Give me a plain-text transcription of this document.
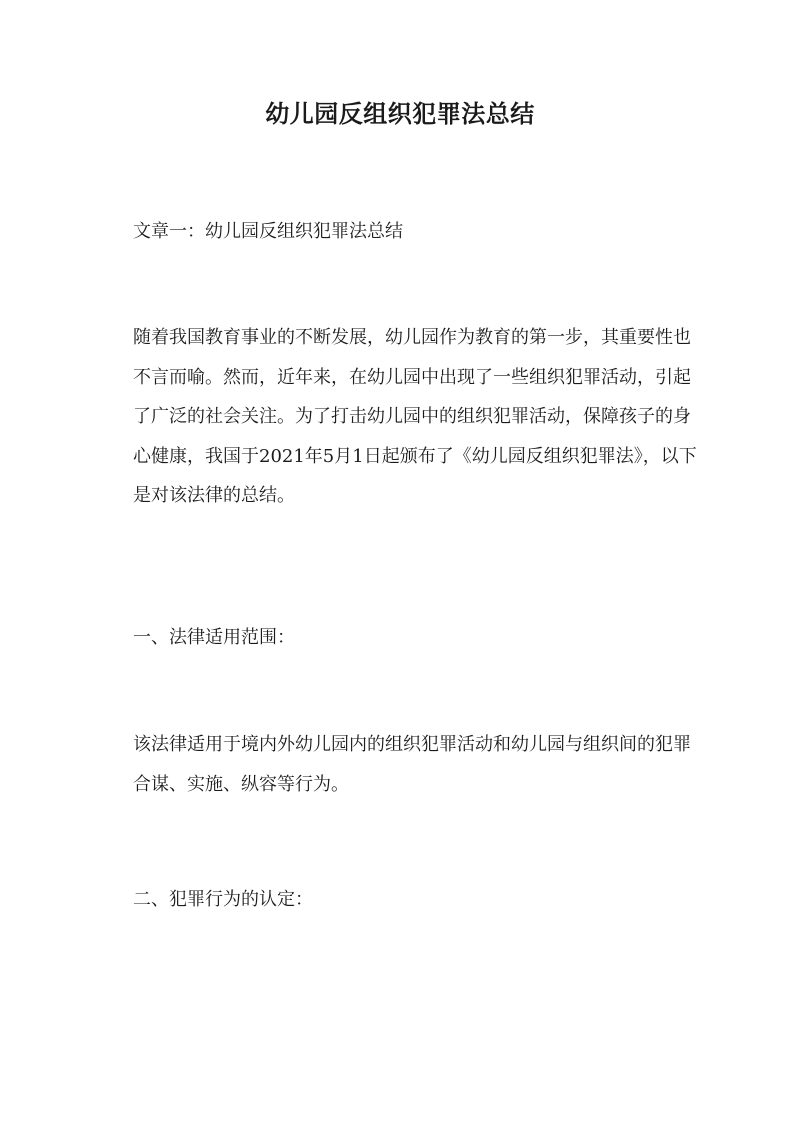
幼儿园反组织犯罪法总结

文章一：幼儿园反组织犯罪法总结

随着我国教育事业的不断发展，幼儿园作为教育的第一步，其重要性也不言而喻。然而，近年来，在幼儿园中出现了一些组织犯罪活动，引起了广泛的社会关注。为了打击幼儿园中的组织犯罪活动，保障孩子的身心健康，我国于2021年5月1日起颁布了《幼儿园反组织犯罪法》，以下是对该法律的总结。

一、法律适用范围：

该法律适用于境内外幼儿园内的组织犯罪活动和幼儿园与组织间的犯罪合谋、实施、纵容等行为。

二、犯罪行为的认定：
